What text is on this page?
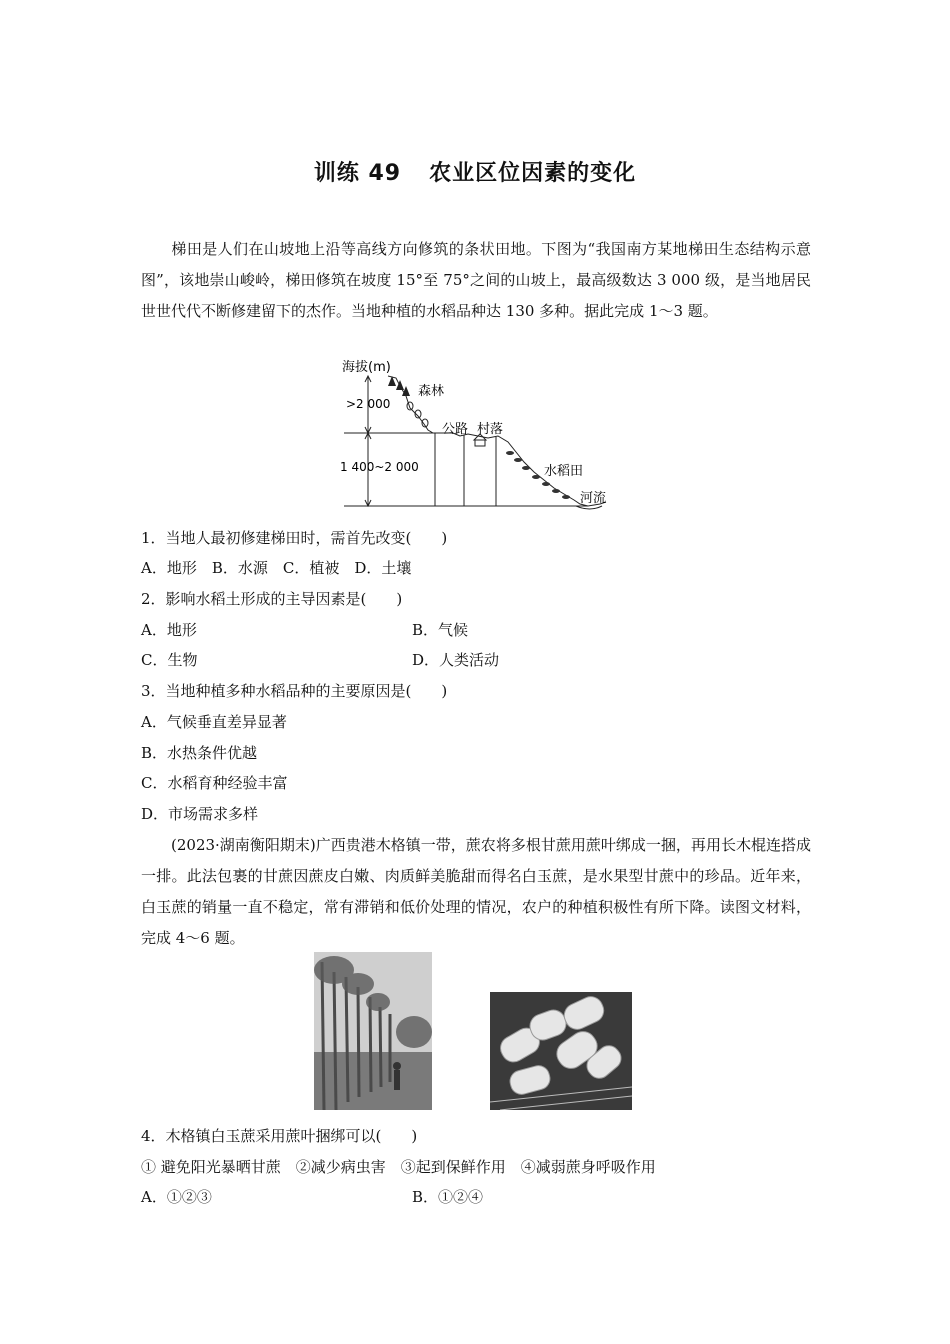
训练 49 农业区位因素的变化
梯田是人们在山坡地上沿等高线方向修筑的条状田地。下图为“我国南方某地梯田生态结构示意图”，该地崇山峻岭，梯田修筑在坡度 15°至 75°之间的山坡上，最高级数达 3 000 级，是当地居民世世代代不断修建留下的杰作。当地种植的水稻品种达 130 多种。据此完成 1～3 题。
海拔(m)
>2 000
1 400~2 000
森林
公路 村落
水稻田
河流
1．当地人最初修建梯田时，需首先改变(　　)
A．地形　B．水源　C．植被　D．土壤
2．影响水稻土形成的主导因素是(　　)
A．地形	B．气候
C．生物	D．人类活动
3．当地种植多种水稻品种的主要原因是(　　)
A．气候垂直差异显著
B．水热条件优越
C．水稻育种经验丰富
D．市场需求多样
(2023·湖南衡阳期末)广西贵港木格镇一带，蔗农将多根甘蔗用蔗叶绑成一捆，再用长木棍连搭成一排。此法包裹的甘蔗因蔗皮白嫩、肉质鲜美脆甜而得名白玉蔗，是水果型甘蔗中的珍品。近年来，白玉蔗的销量一直不稳定，常有滞销和低价处理的情况，农户的种植积极性有所下降。读图文材料，完成 4～6 题。
4．木格镇白玉蔗采用蔗叶捆绑可以(　　)
① 避免阳光暴晒甘蔗　②减少病虫害　③起到保鲜作用　④减弱蔗身呼吸作用
A．①②③	B．①②④
